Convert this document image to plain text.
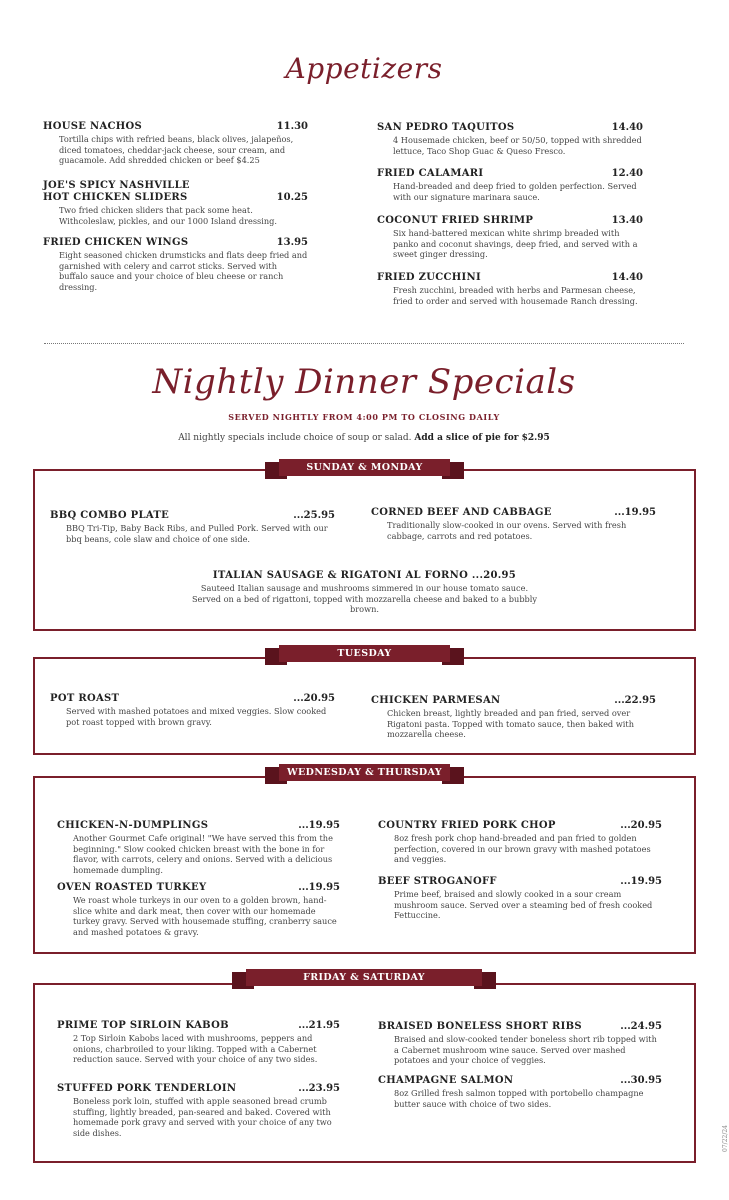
Appetizers
HOUSE NACHOS	11.30
Tortilla chips with refried beans, black olives, jalapeños, diced tomatoes, cheddar-jack cheese, sour cream, and guacamole. Add shredded chicken or beef $4.25
JOE'S SPICY NASHVILLE
HOT CHICKEN SLIDERS	10.25
Two fried chicken sliders that pack some heat. Withcoleslaw, pickles, and our 1000 Island dressing.
FRIED CHICKEN WINGS	13.95
Eight seasoned chicken drumsticks and flats deep fried and garnished with celery and carrot sticks. Served with buffalo sauce and your choice of bleu cheese or ranch dressing.
SAN PEDRO TAQUITOS	14.40
4 Housemade chicken, beef or 50/50, topped with shredded lettuce, Taco Shop Guac & Queso Fresco.
FRIED CALAMARI	12.40
Hand-breaded and deep fried to golden perfection. Served with our signature marinara sauce.
COCONUT FRIED SHRIMP	13.40
Six hand-battered mexican white shrimp breaded with panko and coconut shavings, deep fried, and served with a sweet ginger dressing.
FRIED ZUCCHINI	14.40
Fresh zucchini, breaded with herbs and Parmesan cheese, fried to order and served with housemade Ranch dressing.
Nightly Dinner Specials
SERVED NIGHTLY FROM 4:00 PM TO CLOSING DAILY
All nightly specials include choice of soup or salad. Add a slice of pie for $2.95
SUNDAY & MONDAY
BBQ COMBO PLATE	...25.95
BBQ Tri-Tip, Baby Back Ribs, and Pulled Pork. Served with our bbq beans, cole slaw and choice of one side.
CORNED BEEF AND CABBAGE	...19.95
Traditionally slow-cooked in our ovens. Served with fresh cabbage, carrots and red potatoes.
ITALIAN SAUSAGE & RIGATONI AL FORNO ...20.95
Sauteed Italian sausage and mushrooms simmered in our house tomato sauce. Served on a bed of rigattoni, topped with mozzarella cheese and baked to a bubbly brown.
TUESDAY
POT ROAST	...20.95
Served with mashed potatoes and mixed veggies. Slow cooked pot roast topped with brown gravy.
CHICKEN PARMESAN	...22.95
Chicken breast, lightly breaded and pan fried, served over Rigatoni pasta. Topped with tomato sauce, then baked with mozzarella cheese.
WEDNESDAY & THURSDAY
CHICKEN-N-DUMPLINGS	...19.95
Another Gourmet Cafe original! "We have served this from the beginning." Slow cooked chicken breast with the bone in for flavor, with carrots, celery and onions. Served with a delicious homemade dumpling.
OVEN ROASTED TURKEY	...19.95
We roast whole turkeys in our oven to a golden brown, hand-slice white and dark meat, then cover with our homemade turkey gravy. Served with housemade stuffing, cranberry sauce and mashed potatoes & gravy.
COUNTRY FRIED PORK CHOP	...20.95
8oz fresh pork chop hand-breaded and pan fried to golden perfection, covered in our brown gravy with mashed potatoes and veggies.
BEEF STROGANOFF	...19.95
Prime beef, braised and slowly cooked in a sour cream mushroom sauce. Served over a steaming bed of fresh cooked Fettuccine.
FRIDAY & SATURDAY
PRIME TOP SIRLOIN KABOB	...21.95
2 Top Sirloin Kabobs laced with mushrooms, peppers and onions, charbroiled to your liking. Topped with a Cabernet reduction sauce. Served with your choice of any two sides.
STUFFED PORK TENDERLOIN	...23.95
Boneless pork loin, stuffed with apple seasoned bread crumb stuffing, lightly breaded, pan-seared and baked. Covered with homemade pork gravy and served with your choice of any two side dishes.
BRAISED BONELESS SHORT RIBS	...24.95
Braised and slow-cooked tender boneless short rib topped with a Cabernet mushroom wine sauce. Served over mashed potatoes and your choice of veggies.
CHAMPAGNE SALMON	...30.95
8oz Grilled fresh salmon topped with portobello champagne butter sauce with choice of two sides.
07/22/24
